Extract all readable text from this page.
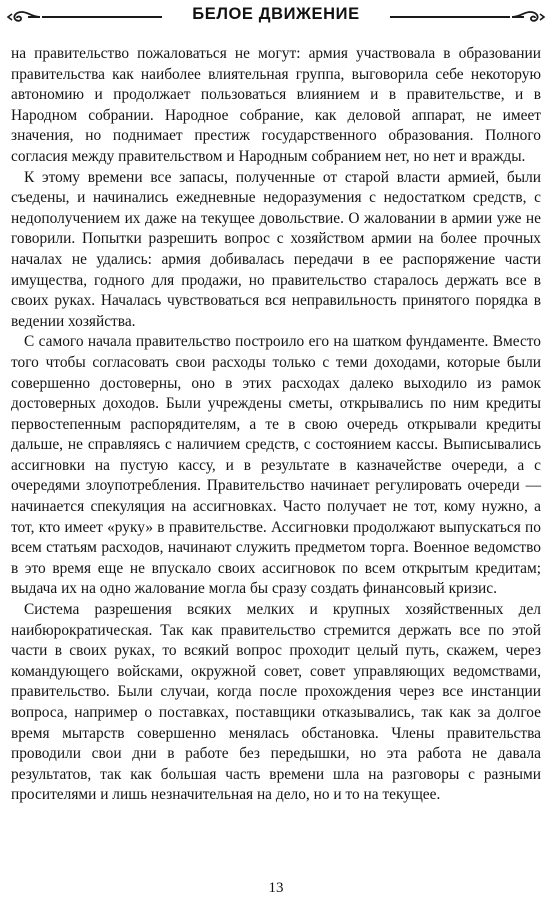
БЕЛОЕ ДВИЖЕНИЕ

на правительство пожаловаться не могут: армия участвовала в образовании правительства как наиболее влиятельная группа, выговорила себе некоторую автономию и продолжает пользоваться влиянием и в правительстве, и в Народном собрании. Народное собрание, как деловой аппарат, не имеет значения, но поднимает престиж государственного образования. Полного согласия между правительством и Народным собранием нет, но нет и вражды.

К этому времени все запасы, полученные от старой власти армией, были съедены, и начинались ежедневные недоразумения с недостатком средств, с недополучением их даже на текущее довольствие. О жаловании в армии уже не говорили. Попытки разрешить вопрос с хозяйством армии на более прочных началах не удались: армия добивалась передачи в ее распоряжение части имущества, годного для продажи, но правительство старалось держать все в своих руках. Началась чувствоваться вся неправильность принятого порядка в ведении хозяйства.

С самого начала правительство построило его на шатком фундаменте. Вместо того чтобы согласовать свои расходы только с теми доходами, которые были совершенно достоверны, оно в этих расходах далеко выходило из рамок достоверных доходов. Были учреждены сметы, открывались по ним кредиты первостепенным распорядителям, а те в свою очередь открывали кредиты дальше, не справляясь с наличием средств, с состоянием кассы. Выписывались ассигновки на пустую кассу, и в результате в казначействе очереди, а с очередями злоупотребления. Правительство начинает регулировать очереди — начинается спекуляция на ассигновках. Часто получает не тот, кому нужно, а тот, кто имеет «руку» в правительстве. Ассигновки продолжают выпускаться по всем статьям расходов, начинают служить предметом торга. Военное ведомство в это время еще не впускало своих ассигновок по всем открытым кредитам; выдача их на одно жалование могла бы сразу создать финансовый кризис.

Система разрешения всяких мелких и крупных хозяйственных дел наибюрократическая. Так как правительство стремится держать все по этой части в своих руках, то всякий вопрос проходит целый путь, скажем, через командующего войсками, окружной совет, совет управляющих ведомствами, правительство. Были случаи, когда после прохождения через все инстанции вопроса, например о поставках, поставщики отказывались, так как за долгое время мытарств совершенно менялась обстановка. Члены правительства проводили свои дни в работе без передышки, но эта работа не давала результатов, так как большая часть времени шла на разговоры с разными просителями и лишь незначительная на дело, но и то на текущее.

13
